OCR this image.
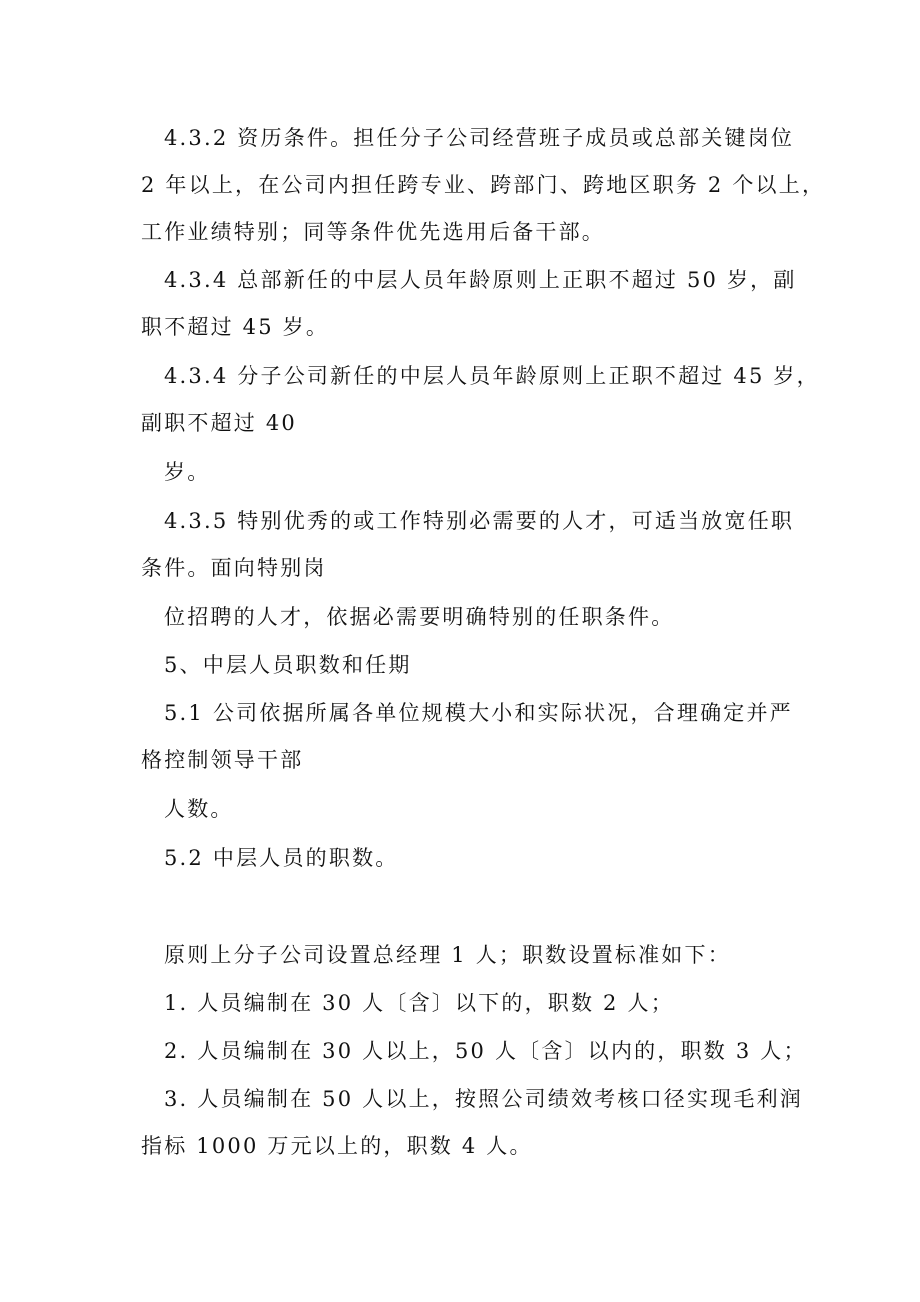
4.3.2 资历条件。担任分子公司经营班子成员或总部关键岗位
2 年以上，在公司内担任跨专业、跨部门、跨地区职务 2 个以上，
工作业绩特别；同等条件优先选用后备干部。
4.3.4 总部新任的中层人员年龄原则上正职不超过 50 岁，副
职不超过 45 岁。
4.3.4 分子公司新任的中层人员年龄原则上正职不超过 45 岁，
副职不超过 40
岁。
4.3.5 特别优秀的或工作特别必需要的人才，可适当放宽任职
条件。面向特别岗
位招聘的人才，依据必需要明确特别的任职条件。
5、中层人员职数和任期
5.1 公司依据所属各单位规模大小和实际状况，合理确定并严
格控制领导干部
人数。
5.2 中层人员的职数。
原则上分子公司设置总经理 1 人；职数设置标准如下：
1. 人员编制在 30 人〔含〕以下的，职数 2 人；
2. 人员编制在 30 人以上，50 人〔含〕以内的，职数 3 人；
3. 人员编制在 50 人以上，按照公司绩效考核口径实现毛利润
指标 1000 万元以上的，职数 4 人。
